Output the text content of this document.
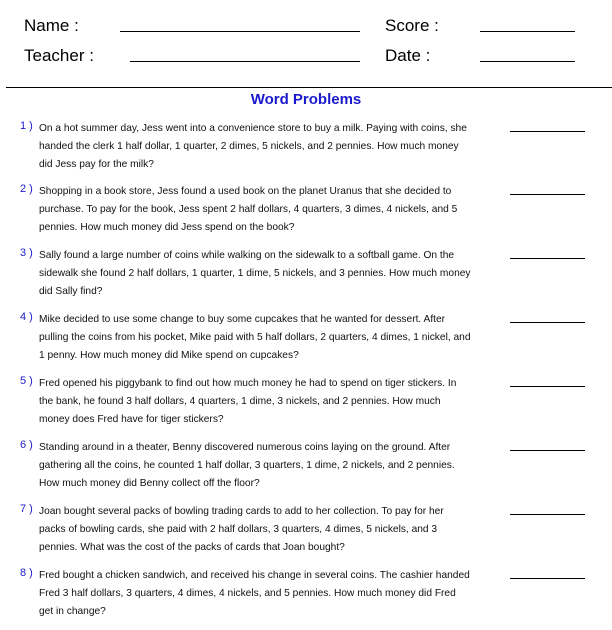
Name :	Score :
Teacher :	Date :
Word Problems
1 ) On a hot summer day, Jess went into a convenience store to buy a milk. Paying with coins, she handed the clerk 1 half dollar, 1 quarter, 2 dimes, 5 nickels, and 2 pennies. How much money did Jess pay for the milk?
2 ) Shopping in a book store, Jess found a used book on the planet Uranus that she decided to purchase. To pay for the book, Jess spent 2 half dollars, 4 quarters, 3 dimes, 4 nickels, and 5 pennies. How much money did Jess spend on the book?
3 ) Sally found a large number of coins while walking on the sidewalk to a softball game. On the sidewalk she found 2 half dollars, 1 quarter, 1 dime, 5 nickels, and 3 pennies. How much money did Sally find?
4 ) Mike decided to use some change to buy some cupcakes that he wanted for dessert. After pulling the coins from his pocket, Mike paid with 5 half dollars, 2 quarters, 4 dimes, 1 nickel, and 1 penny. How much money did Mike spend on cupcakes?
5 ) Fred opened his piggybank to find out how much money he had to spend on tiger stickers. In the bank, he found 3 half dollars, 4 quarters, 1 dime, 3 nickels, and 2 pennies. How much money does Fred have for tiger stickers?
6 ) Standing around in a theater, Benny discovered numerous coins laying on the ground. After gathering all the coins, he counted 1 half dollar, 3 quarters, 1 dime, 2 nickels, and 2 pennies. How much money did Benny collect off the floor?
7 ) Joan bought several packs of bowling trading cards to add to her collection. To pay for her packs of bowling cards, she paid with 2 half dollars, 3 quarters, 4 dimes, 5 nickels, and 3 pennies. What was the cost of the packs of cards that Joan bought?
8 ) Fred bought a chicken sandwich, and received his change in several coins. The cashier handed Fred 3 half dollars, 3 quarters, 4 dimes, 4 nickels, and 5 pennies. How much money did Fred get in change?
